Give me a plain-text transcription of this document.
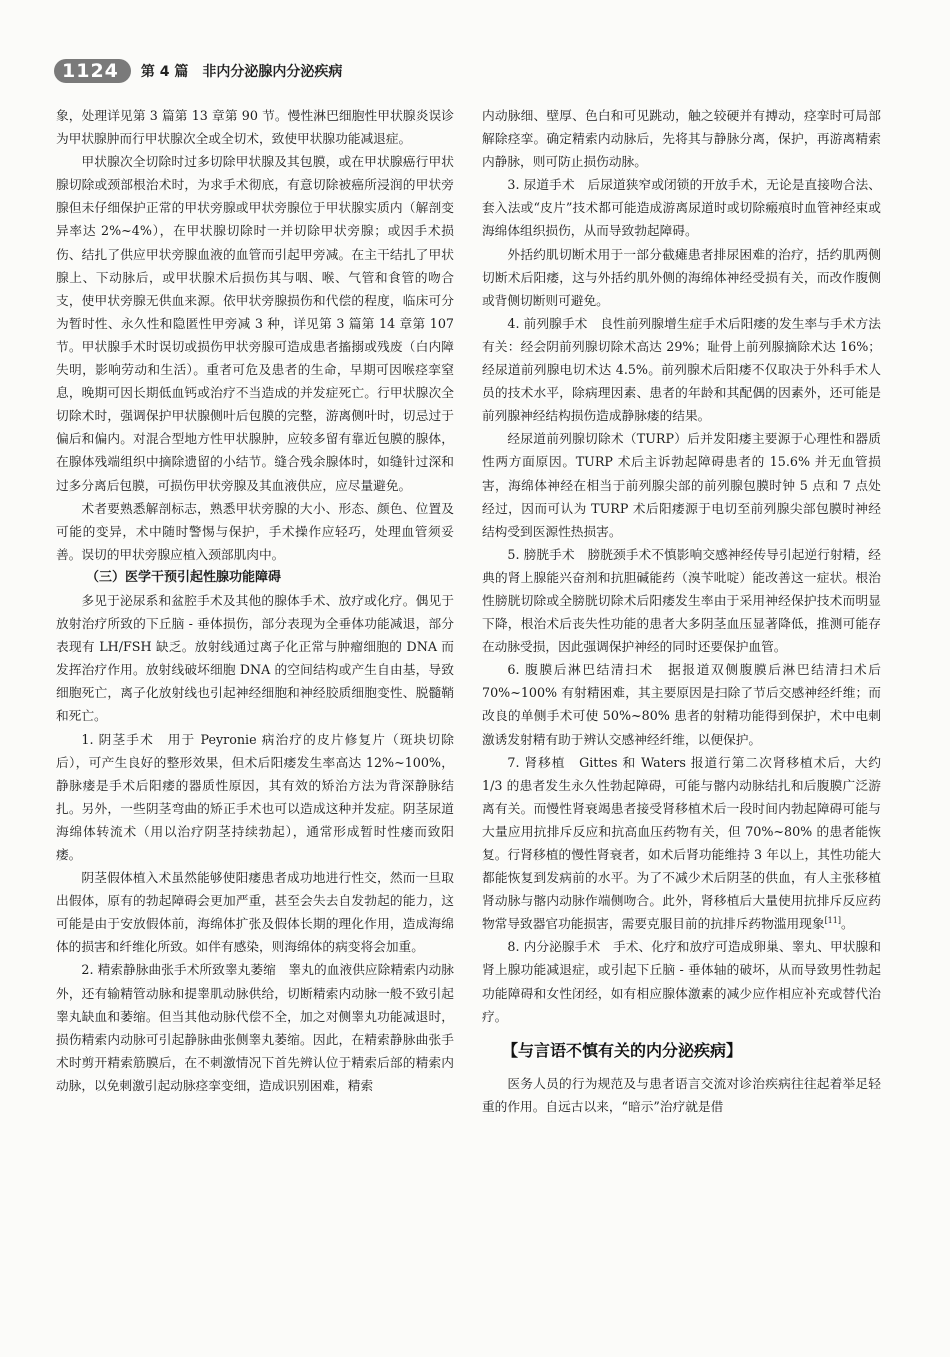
1124	第 4 篇 非内分泌腺内分泌疾病

象，处理详见第 3 篇第 13 章第 90 节。慢性淋巴细胞性甲状腺炎误诊为甲状腺肿而行甲状腺次全或全切术，致使甲状腺功能减退症。

甲状腺次全切除时过多切除甲状腺及其包膜，或在甲状腺癌行甲状腺切除或颈部根治术时，为求手术彻底，有意切除被癌所浸润的甲状旁腺但未仔细保护正常的甲状旁腺或甲状旁腺位于甲状腺实质内（解剖变异率达 2%~4%），在甲状腺切除时一并切除甲状旁腺；或因手术损伤、结扎了供应甲状旁腺血液的血管而引起甲旁减。在主干结扎了甲状腺上、下动脉后，或甲状腺术后损伤其与咽、喉、气管和食管的吻合支，使甲状旁腺无供血来源。依甲状旁腺损伤和代偿的程度，临床可分为暂时性、永久性和隐匿性甲旁减 3 种，详见第 3 篇第 14 章第 107 节。甲状腺手术时误切或损伤甲状旁腺可造成患者搐搦或残废（白内障失明，影响劳动和生活）。重者可危及患者的生命，早期可因喉痉挛窒息，晚期可因长期低血钙或治疗不当造成的并发症死亡。行甲状腺次全切除术时，强调保护甲状腺侧叶后包膜的完整，游离侧叶时，切忌过于偏后和偏内。对混合型地方性甲状腺肿，应较多留有靠近包膜的腺体，在腺体残端组织中摘除遗留的小结节。缝合残余腺体时，如缝针过深和过多分离后包膜，可损伤甲状旁腺及其血液供应，应尽量避免。

术者要熟悉解剖标志，熟悉甲状旁腺的大小、形态、颜色、位置及可能的变异，术中随时警惕与保护，手术操作应轻巧，处理血管须妥善。误切的甲状旁腺应植入颈部肌肉中。

（三）医学干预引起性腺功能障碍

多见于泌尿系和盆腔手术及其他的腺体手术、放疗或化疗。偶见于放射治疗所致的下丘脑 - 垂体损伤，部分表现为全垂体功能减退，部分表现有 LH/FSH 缺乏。放射线通过离子化正常与肿瘤细胞的 DNA 而发挥治疗作用。放射线破坏细胞 DNA 的空间结构或产生自由基，导致细胞死亡，离子化放射线也引起神经细胞和神经胶质细胞变性、脱髓鞘和死亡。

1. 阴茎手术　用于 Peyronie 病治疗的皮片修复片（斑块切除后），可产生良好的整形效果，但术后阳痿发生率高达 12%~100%，静脉瘘是手术后阳痿的器质性原因，其有效的矫治方法为背深静脉结扎。另外，一些阴茎弯曲的矫正手术也可以造成这种并发症。阴茎尿道海绵体转流术（用以治疗阴茎持续勃起），通常形成暂时性瘘而致阳痿。

阴茎假体植入术虽然能够使阳痿患者成功地进行性交，然而一旦取出假体，原有的勃起障碍会更加严重，甚至会失去自发勃起的能力，这可能是由于安放假体前，海绵体扩张及假体长期的理化作用，造成海绵体的损害和纤维化所致。如伴有感染，则海绵体的病变将会加重。

2. 精索静脉曲张手术所致睾丸萎缩　睾丸的血液供应除精索内动脉外，还有输精管动脉和提睾肌动脉供给，切断精索内动脉一般不致引起睾丸缺血和萎缩。但当其他动脉代偿不全，加之对侧睾丸功能减退时，损伤精索内动脉可引起静脉曲张侧睾丸萎缩。因此，在精索静脉曲张手术时剪开精索筋膜后，在不刺激情况下首先辨认位于精索后部的精索内动脉，以免刺激引起动脉痉挛变细，造成识别困难，精索

内动脉细、壁厚、色白和可见跳动，触之较硬并有搏动，痉挛时可局部解除痉挛。确定精索内动脉后，先将其与静脉分离，保护，再游离精索内静脉，则可防止损伤动脉。

3. 尿道手术　后尿道狭窄或闭锁的开放手术，无论是直接吻合法、套入法或“皮片”技术都可能造成游离尿道时或切除瘢痕时血管神经束或海绵体组织损伤，从而导致勃起障碍。

外括约肌切断术用于一部分截瘫患者排尿困难的治疗，括约肌两侧切断术后阳痿，这与外括约肌外侧的海绵体神经受损有关，而改作腹侧或背侧切断则可避免。

4. 前列腺手术　良性前列腺增生症手术后阳痿的发生率与手术方法有关：经会阴前列腺切除术高达 29%；耻骨上前列腺摘除术达 16%；经尿道前列腺电切术达 4.5%。前列腺术后阳痿不仅取决于外科手术人员的技术水平，除病理因素、患者的年龄和其配偶的因素外，还可能是前列腺神经结构损伤造成静脉瘘的结果。

经尿道前列腺切除术（TURP）后并发阳痿主要源于心理性和器质性两方面原因。TURP 术后主诉勃起障碍患者的 15.6% 并无血管损害，海绵体神经在相当于前列腺尖部的前列腺包膜时钟 5 点和 7 点处经过，因而可认为 TURP 术后阳痿源于电切至前列腺尖部包膜时神经结构受到医源性热损害。

5. 膀胱手术　膀胱颈手术不慎影响交感神经传导引起逆行射精，经典的肾上腺能兴奋剂和抗胆碱能药（溴苄吡啶）能改善这一症状。根治性膀胱切除或全膀胱切除术后阳痿发生率由于采用神经保护技术而明显下降，根治术后丧失性功能的患者大多阴茎血压显著降低，推测可能存在动脉受损，因此强调保护神经的同时还要保护血管。

6. 腹膜后淋巴结清扫术　据报道双侧腹膜后淋巴结清扫术后 70%~100% 有射精困难，其主要原因是扫除了节后交感神经纤维；而改良的单侧手术可使 50%~80% 患者的射精功能得到保护，术中电刺激诱发射精有助于辨认交感神经纤维，以便保护。

7. 肾移植　Gittes 和 Waters 报道行第二次肾移植术后，大约 1/3 的患者发生永久性勃起障碍，可能与髂内动脉结扎和后腹膜广泛游离有关。而慢性肾衰竭患者接受肾移植术后一段时间内勃起障碍可能与大量应用抗排斥反应和抗高血压药物有关，但 70%~80% 的患者能恢复。行肾移植的慢性肾衰者，如术后肾功能维持 3 年以上，其性功能大都能恢复到发病前的水平。为了不减少术后阴茎的供血，有人主张移植肾动脉与髂内动脉作端侧吻合。此外，肾移植后大量使用抗排斥反应药物常导致器官功能损害，需要克服目前的抗排斥药物滥用现象[11]。

8. 内分泌腺手术　手术、化疗和放疗可造成卵巢、睾丸、甲状腺和肾上腺功能减退症，或引起下丘脑 - 垂体轴的破坏，从而导致男性勃起功能障碍和女性闭经，如有相应腺体激素的减少应作相应补充或替代治疗。

【与言语不慎有关的内分泌疾病】

医务人员的行为规范及与患者语言交流对诊治疾病往往起着举足轻重的作用。自远古以来，“暗示”治疗就是借
